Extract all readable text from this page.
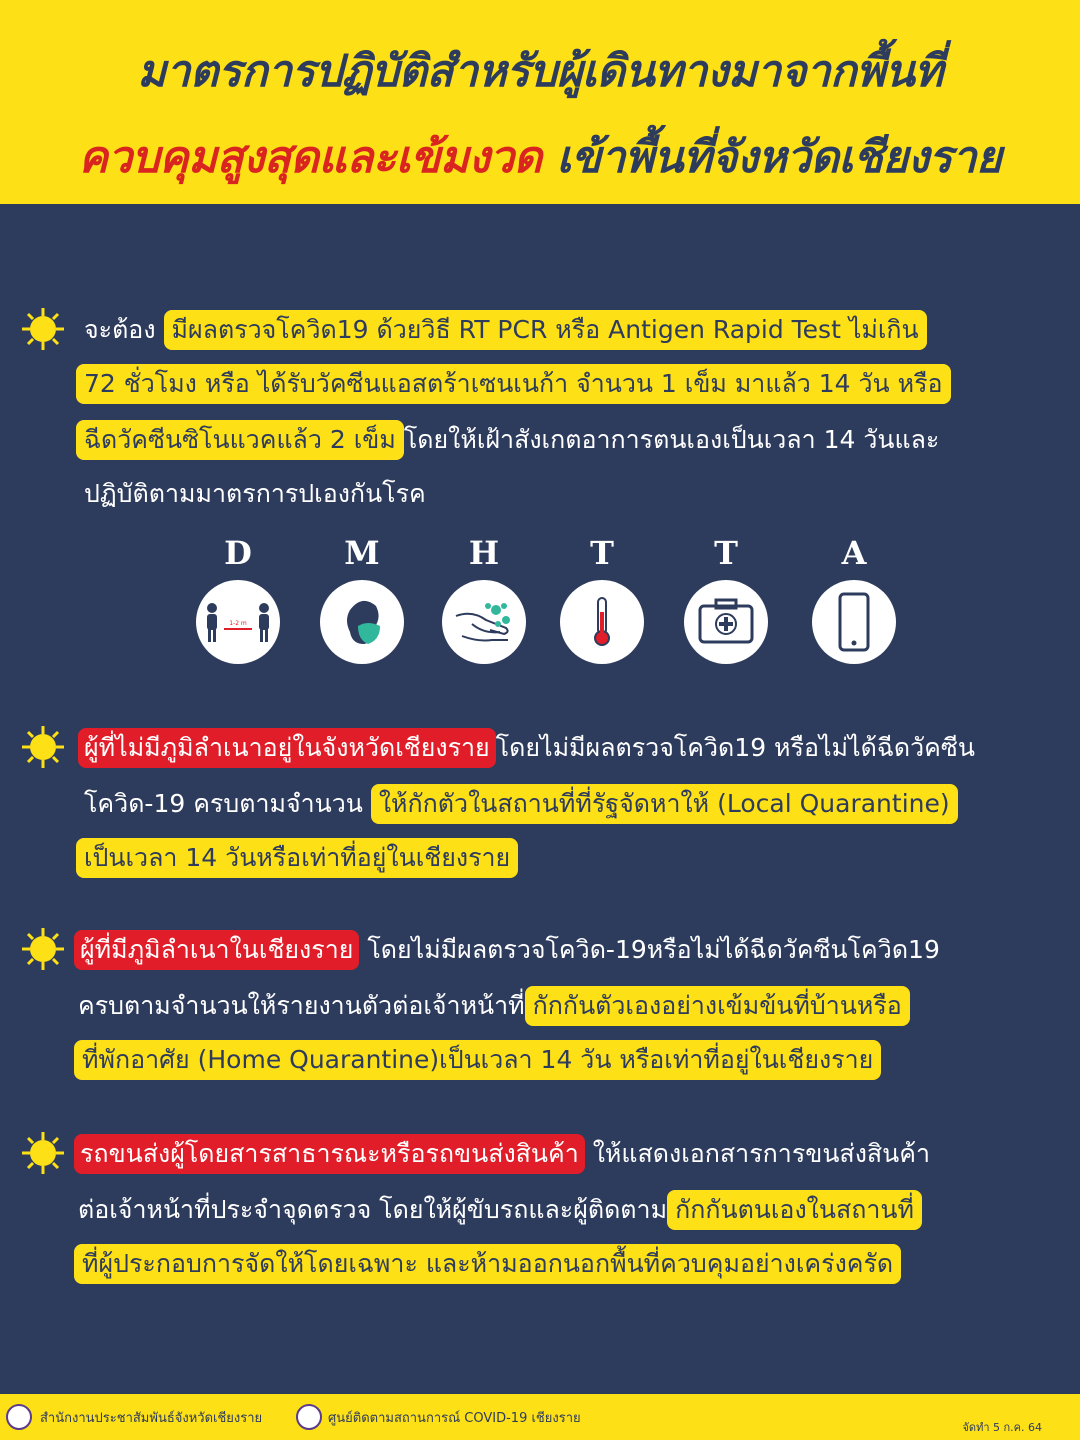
มาตรการปฏิบัติสำหรับผู้เดินทางมาจากพื้นที่
ควบคุมสูงสุดและเข้มงวด เข้าพื้นที่จังหวัดเชียงราย
จะต้อง มีผลตรวจโควิด19 ด้วยวิธี RT PCR หรือ Antigen Rapid Test ไม่เกิน
72 ชั่วโมง หรือ ได้รับวัคซีนแอสตร้าเซนเนก้า จำนวน 1 เข็ม มาแล้ว 14 วัน หรือ
ฉีดวัคซีนซิโนแวคแล้ว 2 เข็ม โดยให้เฝ้าสังเกตอาการตนเองเป็นเวลา 14 วันและ
ปฏิบัติตามมาตรการปเองกันโรค
D	M	H	T	T	A
1-2 m
ผู้ที่ไม่มีภูมิลำเนาอยู่ในจังหวัดเชียงราย โดยไม่มีผลตรวจโควิด19 หรือไม่ได้ฉีดวัคซีน
โควิด-19 ครบตามจำนวน ให้กักตัวในสถานที่ที่รัฐจัดหาให้ (Local Quarantine)
เป็นเวลา 14 วันหรือเท่าที่อยู่ในเชียงราย
ผู้ที่มีภูมิลำเนาในเชียงราย โดยไม่มีผลตรวจโควิด-19หรือไม่ได้ฉีดวัคซีนโควิด19
ครบตามจำนวนให้รายงานตัวต่อเจ้าหน้าที่ กักกันตัวเองอย่างเข้มข้นที่บ้านหรือ
ที่พักอาศัย (Home Quarantine)เป็นเวลา 14 วัน หรือเท่าที่อยู่ในเชียงราย
รถขนส่งผู้โดยสารสาธารณะหรือรถขนส่งสินค้า ให้แสดงเอกสารการขนส่งสินค้า
ต่อเจ้าหน้าที่ประจำจุดตรวจ โดยให้ผู้ขับรถและผู้ติดตาม กักกันตนเองในสถานที่
ที่ผู้ประกอบการจัดให้โดยเฉพาะ และห้ามออกนอกพื้นที่ควบคุมอย่างเคร่งครัด
สำนักงานประชาสัมพันธ์จังหวัดเชียงราย	ศูนย์ติดตามสถานการณ์ COVID-19 เชียงราย
จัดทำ 5 ก.ค. 64
